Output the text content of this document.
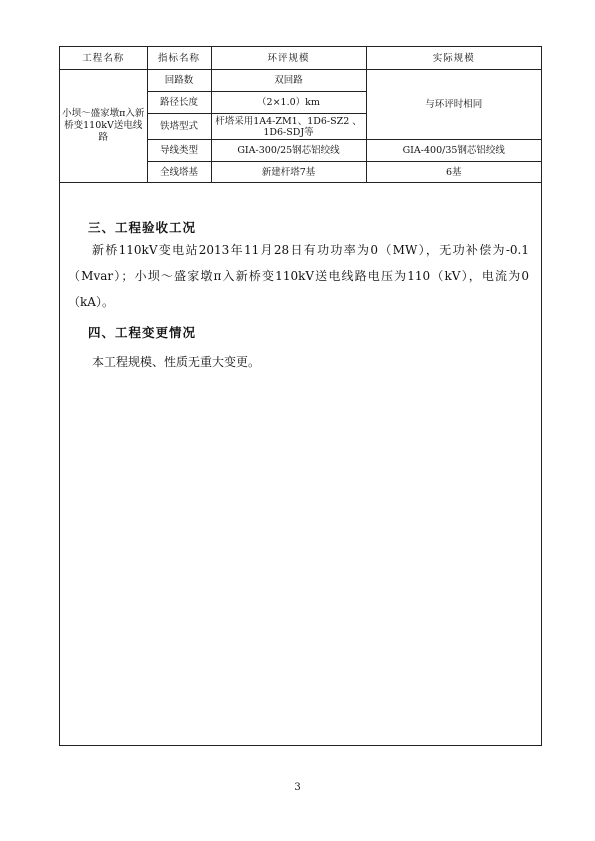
工程名称	指标名称	环评规模	实际规模
小坝～盛家墩π入新桥变110kV送电线路	回路数	双回路	与环评时相同
	路径长度	（2×1.0）km	
	铁塔型式	杆塔采用1A4-ZM1、1D6-SZ2 、1D6-SDJ等	
	导线类型	GIA-300/25钢芯铝绞线	GIA-400/35钢芯铝绞线
	全线塔基	新建杆塔7基	6基
三、工程验收工况
新桥110kV变电站2013年11月28日有功功率为0（MW），无功补偿为-0.1（Mvar）；小坝～盛家墩π入新桥变110kV送电线路电压为110（kV），电流为0（kA）。
四、工程变更情况
本工程规模、性质无重大变更。
3
